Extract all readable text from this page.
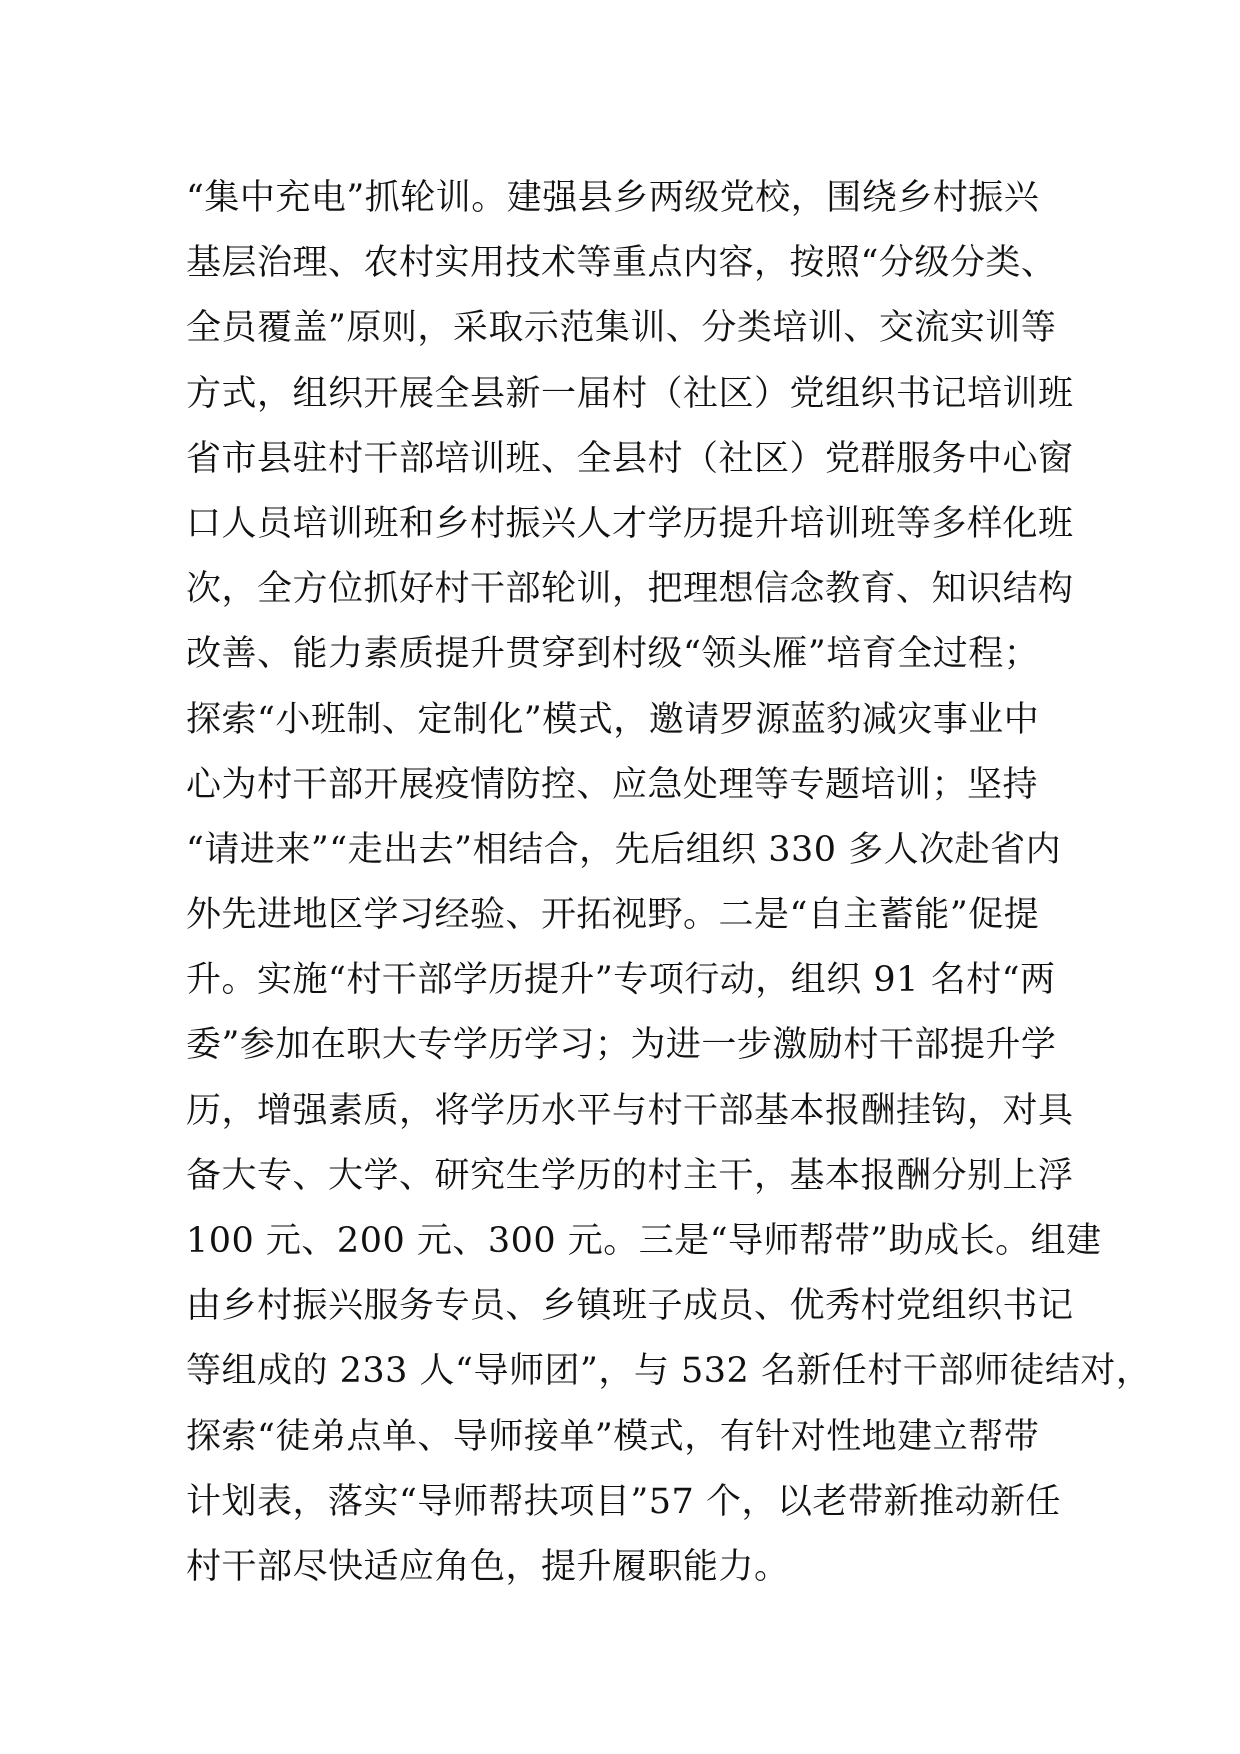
“集中充电”抓轮训。建强县乡两级党校，围绕乡村振兴
基层治理、农村实用技术等重点内容，按照“分级分类、
全员覆盖”原则，采取示范集训、分类培训、交流实训等
方式，组织开展全县新一届村（社区）党组织书记培训班
省市县驻村干部培训班、全县村（社区）党群服务中心窗
口人员培训班和乡村振兴人才学历提升培训班等多样化班
次，全方位抓好村干部轮训，把理想信念教育、知识结构
改善、能力素质提升贯穿到村级“领头雁”培育全过程；
探索“小班制、定制化”模式，邀请罗源蓝豹减灾事业中
心为村干部开展疫情防控、应急处理等专题培训；坚持
“请进来”“走出去”相结合，先后组织 330 多人次赴省内
外先进地区学习经验、开拓视野。二是“自主蓄能”促提
升。实施“村干部学历提升”专项行动，组织 91 名村“两
委”参加在职大专学历学习；为进一步激励村干部提升学
历，增强素质，将学历水平与村干部基本报酬挂钩，对具
备大专、大学、研究生学历的村主干，基本报酬分别上浮
100 元、200 元、300 元。三是“导师帮带”助成长。组建
由乡村振兴服务专员、乡镇班子成员、优秀村党组织书记
等组成的 233 人“导师团”，与 532 名新任村干部师徒结对，
探索“徒弟点单、导师接单”模式，有针对性地建立帮带
计划表，落实“导师帮扶项目”57 个，以老带新推动新任
村干部尽快适应角色，提升履职能力。
